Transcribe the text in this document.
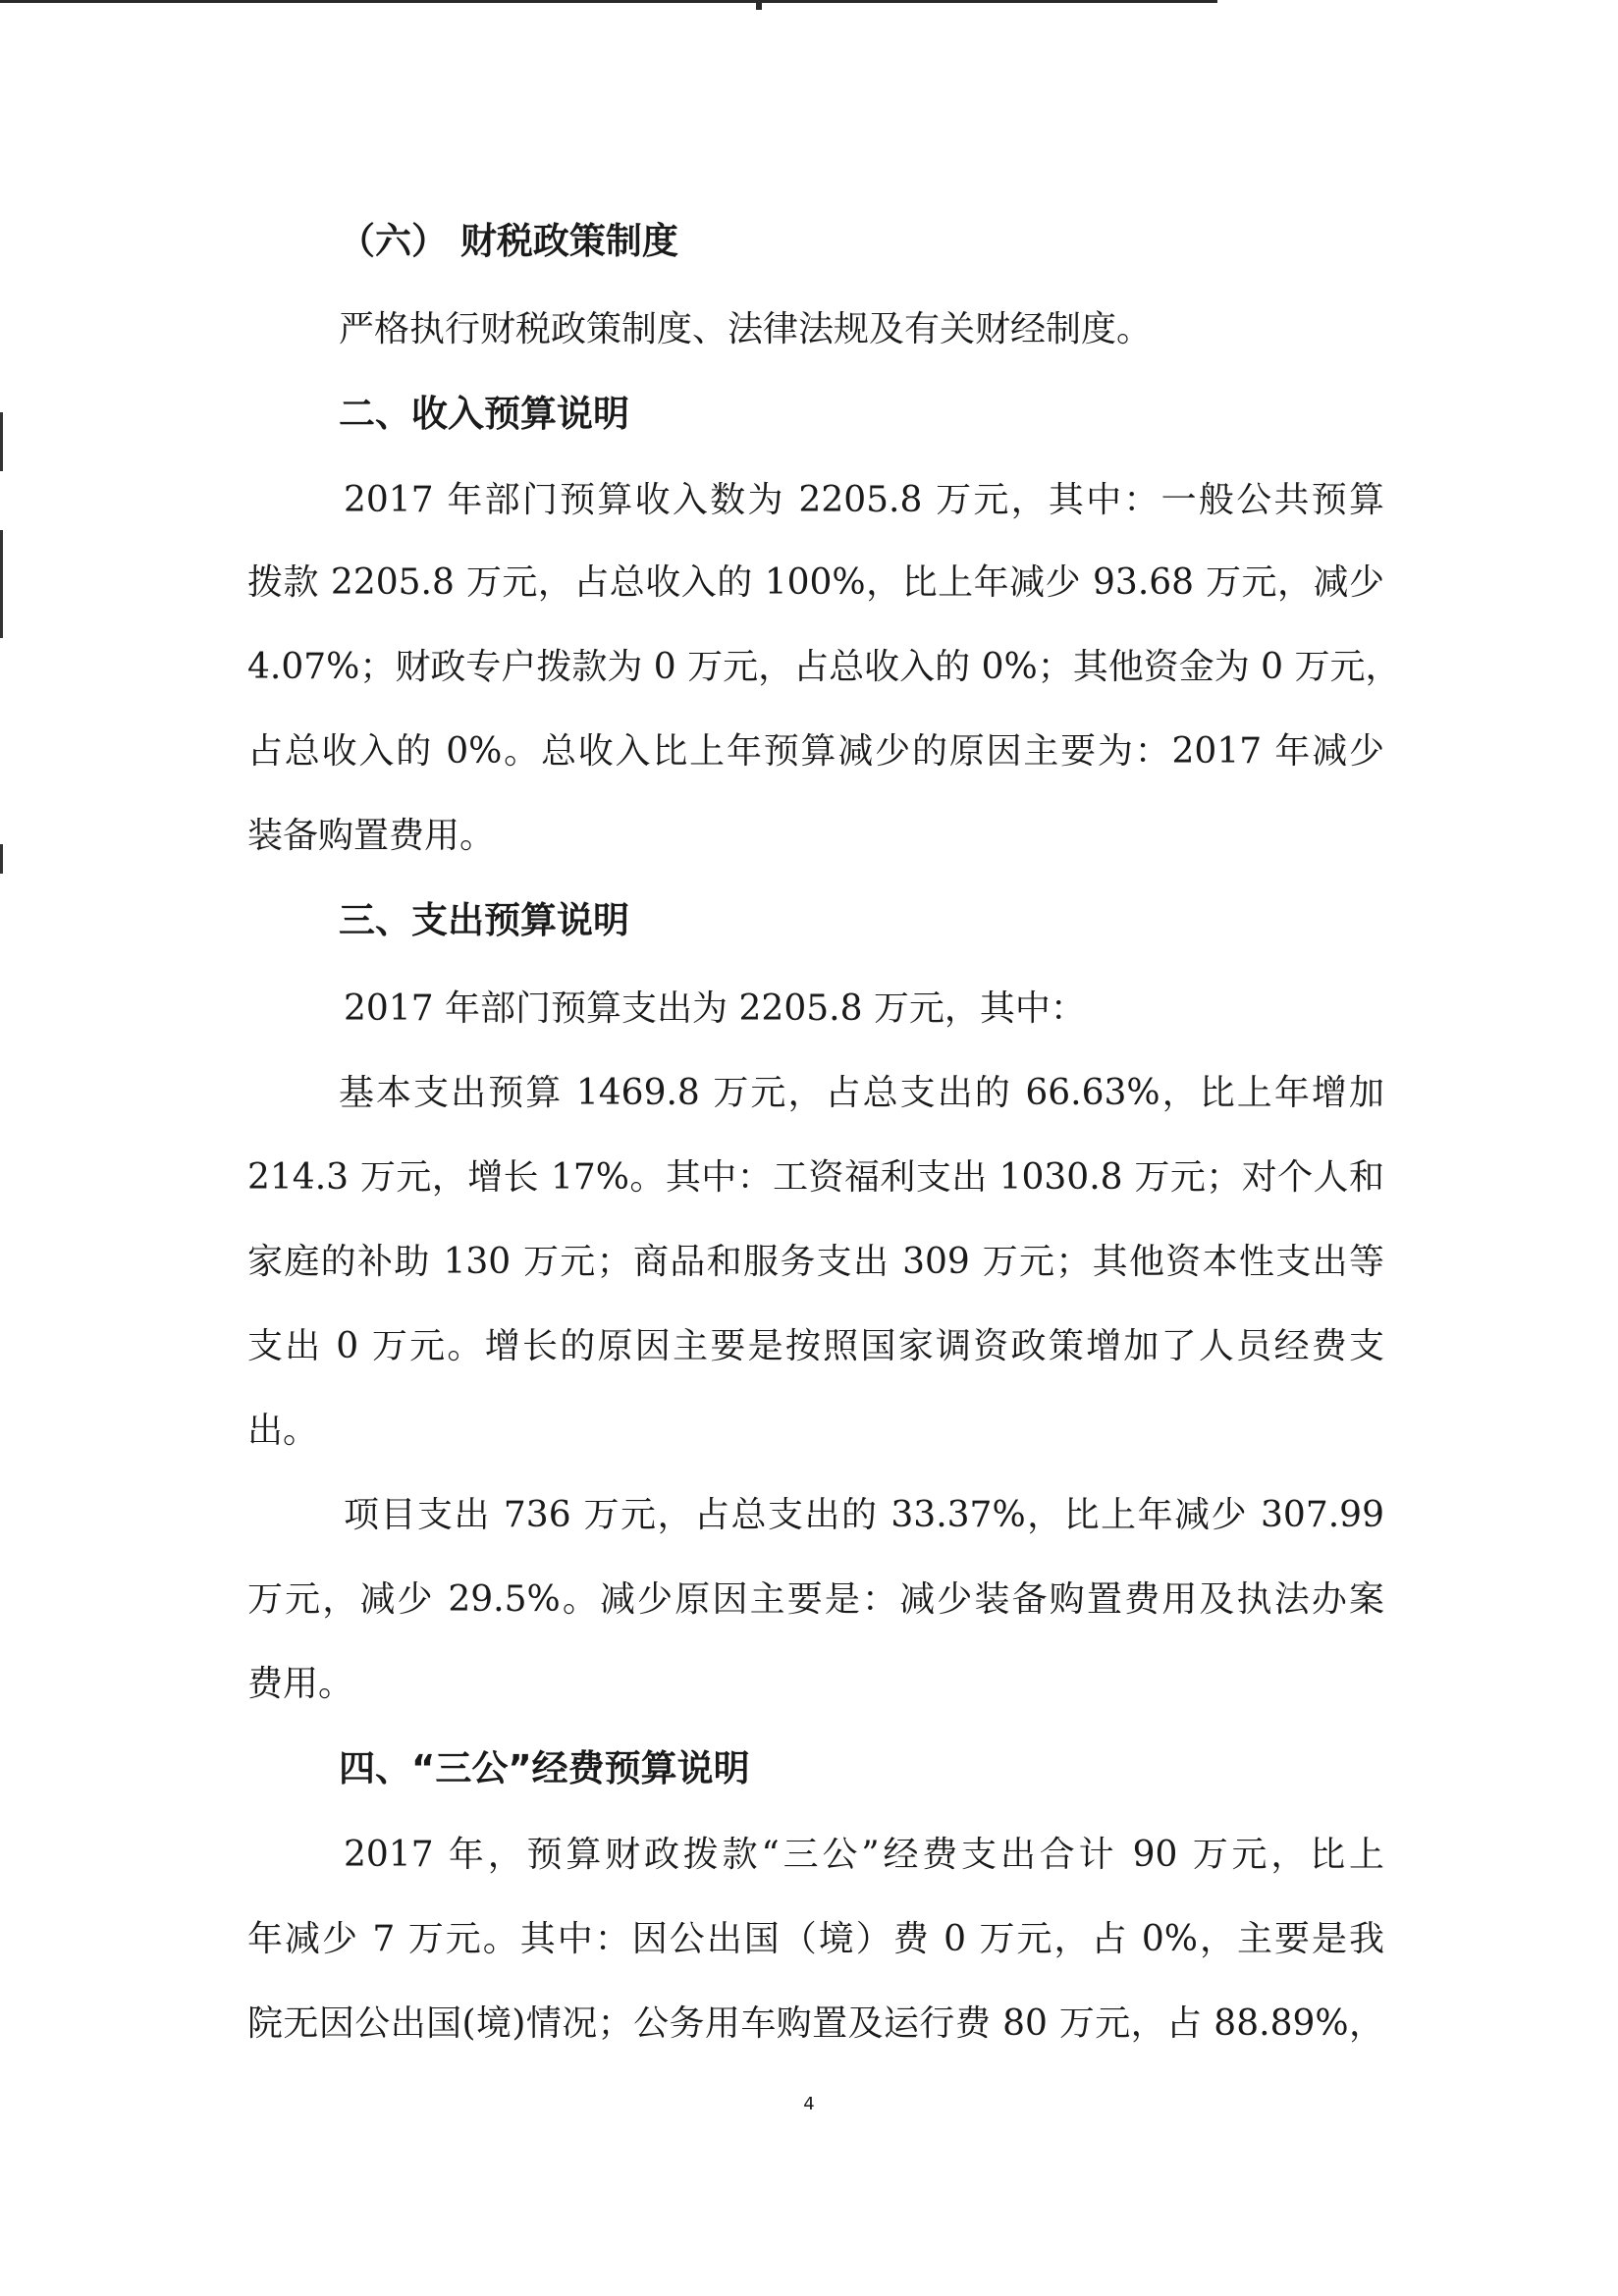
（六） 财税政策制度
严格执行财税政策制度、法律法规及有关财经制度。
二、收入预算说明
2017 年部门预算收入数为 2205.8 万元，其中：一般公共预算
拨款 2205.8 万元，占总收入的 100%，比上年减少 93.68 万元，减少
4.07%；财政专户拨款为 0 万元，占总收入的 0%；其他资金为 0 万元，
占总收入的 0%。总收入比上年预算减少的原因主要为：2017 年减少
装备购置费用。
三、支出预算说明
2017 年部门预算支出为 2205.8 万元，其中：
基本支出预算 1469.8 万元，占总支出的 66.63%，比上年增加
214.3 万元，增长 17%。其中：工资福利支出 1030.8 万元；对个人和
家庭的补助 130 万元；商品和服务支出 309 万元；其他资本性支出等
支出 0 万元。增长的原因主要是按照国家调资政策增加了人员经费支
出。
项目支出 736 万元，占总支出的 33.37%，比上年减少 307.99
万元，减少 29.5%。减少原因主要是：减少装备购置费用及执法办案
费用。
四、“三公”经费预算说明
2017 年，预算财政拨款“三公”经费支出合计 90 万元，比上
年减少 7 万元。其中：因公出国（境）费 0 万元，占 0%，主要是我
院无因公出国(境)情况；公务用车购置及运行费 80 万元，占 88.89%，
4
